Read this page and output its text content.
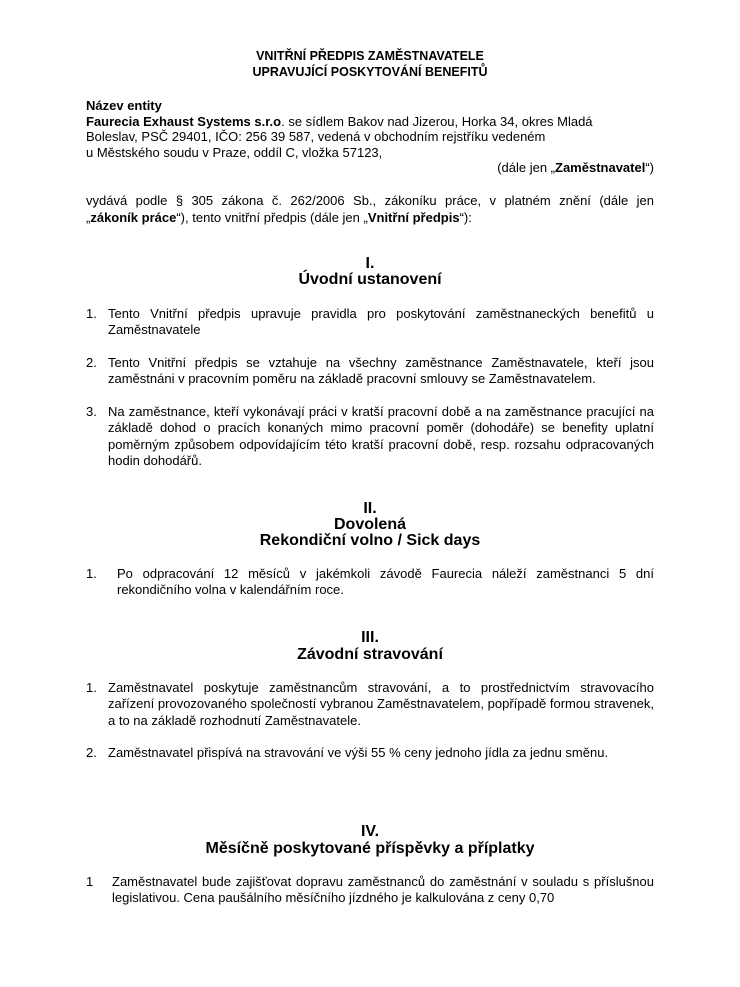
VNITŘNÍ PŘEDPIS ZAMĚSTNAVATELE
UPRAVUJÍCÍ POSKYTOVÁNÍ BENEFITŮ
Název entity
Faurecia Exhaust Systems s.r.o. se sídlem Bakov nad Jizerou, Horka 34, okres Mladá
Boleslav, PSČ 29401, IČO: 256 39 587, vedená v obchodním rejstříku vedeném
u Městského soudu v Praze, oddíl C, vložka 57123,
(dále jen „Zaměstnavatel“)
vydává podle § 305 zákona č. 262/2006 Sb., zákoníku práce, v platném znění (dále jen
„zákoník práce“), tento vnitřní předpis (dále jen „Vnitřní předpis“):
I.
Úvodní ustanovení
1. Tento Vnitřní předpis upravuje pravidla pro poskytování zaměstnaneckých benefitů u Zaměstnavatele
2. Tento Vnitřní předpis se vztahuje na všechny zaměstnance Zaměstnavatele, kteří jsou zaměstnáni v pracovním poměru na základě pracovní smlouvy se Zaměstnavatelem.
3. Na zaměstnance, kteří vykonávají práci v kratší pracovní době a na zaměstnance pracující na základě dohod o pracích konaných mimo pracovní poměr (dohodáře) se benefity uplatní poměrným způsobem odpovídajícím této kratší pracovní době, resp. rozsahu odpracovaných hodin dohodářů.
II.
Dovolená
Rekondiční volno / Sick days
1. Po odpracování 12 měsíců v jakémkoli závodě Faurecia náleží zaměstnanci 5 dní rekondičního volna v kalendářním roce.
III.
Závodní stravování
1. Zaměstnavatel poskytuje zaměstnancům stravování, a to prostřednictvím stravovacího zařízení provozovaného společností vybranou Zaměstnavatelem, popřípadě formou stravenek, a to na základě rozhodnutí Zaměstnavatele.
2. Zaměstnavatel přispívá na stravování ve výši 55 % ceny jednoho jídla za jednu směnu.
IV.
Měsíčně poskytované příspěvky a příplatky
1 Zaměstnavatel bude zajišťovat dopravu zaměstnanců do zaměstnání v souladu s příslušnou legislativou. Cena paušálního měsíčního jízdného je kalkulována z ceny 0,70
